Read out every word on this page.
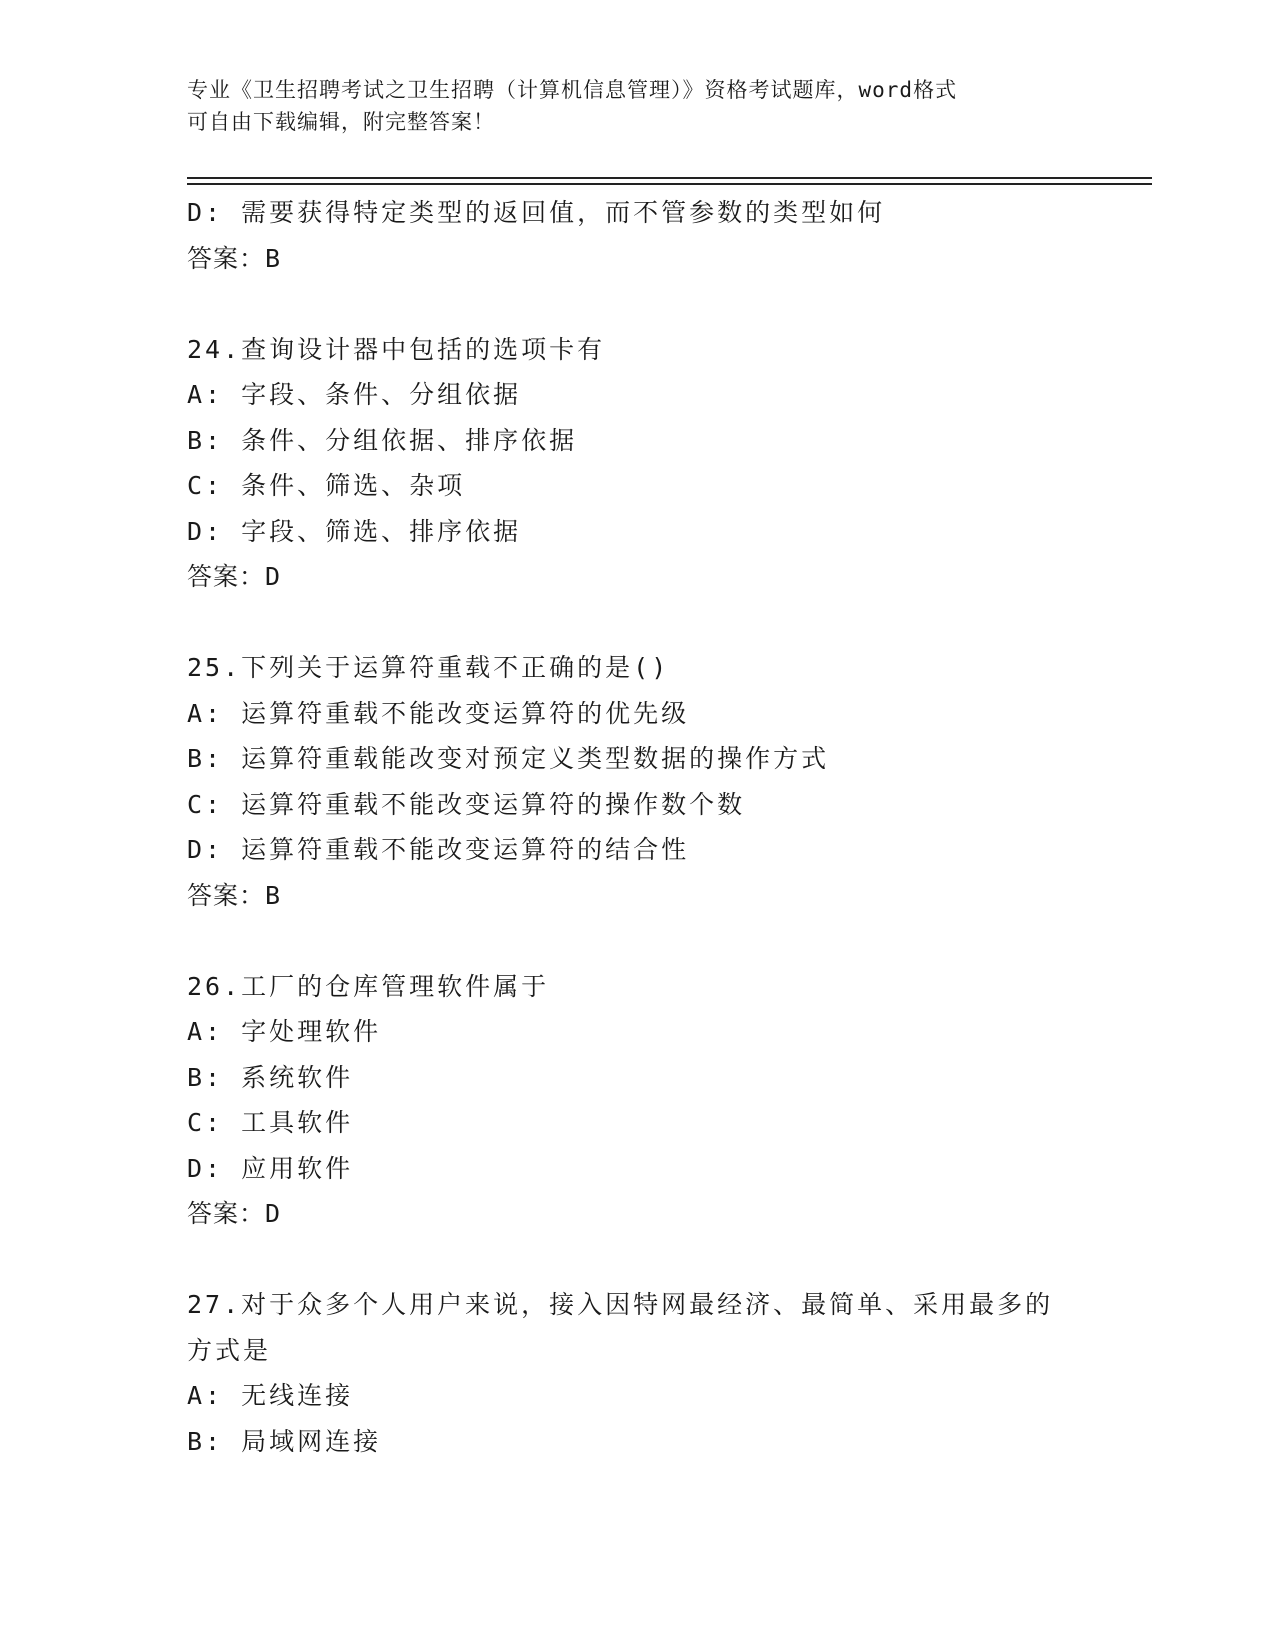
专业《卫生招聘考试之卫生招聘（计算机信息管理）》资格考试题库，word格式
可自由下载编辑，附完整答案！
D: 需要获得特定类型的返回值，而不管参数的类型如何
答案：B
24.查询设计器中包括的选项卡有
A: 字段、条件、分组依据
B: 条件、分组依据、排序依据
C: 条件、筛选、杂项
D: 字段、筛选、排序依据
答案：D
25.下列关于运算符重载不正确的是()
A: 运算符重载不能改变运算符的优先级
B: 运算符重载能改变对预定义类型数据的操作方式
C: 运算符重载不能改变运算符的操作数个数
D: 运算符重载不能改变运算符的结合性
答案：B
26.工厂的仓库管理软件属于
A: 字处理软件
B: 系统软件
C: 工具软件
D: 应用软件
答案：D
27.对于众多个人用户来说，接入因特网最经济、最简单、采用最多的
方式是
A: 无线连接
B: 局域网连接
